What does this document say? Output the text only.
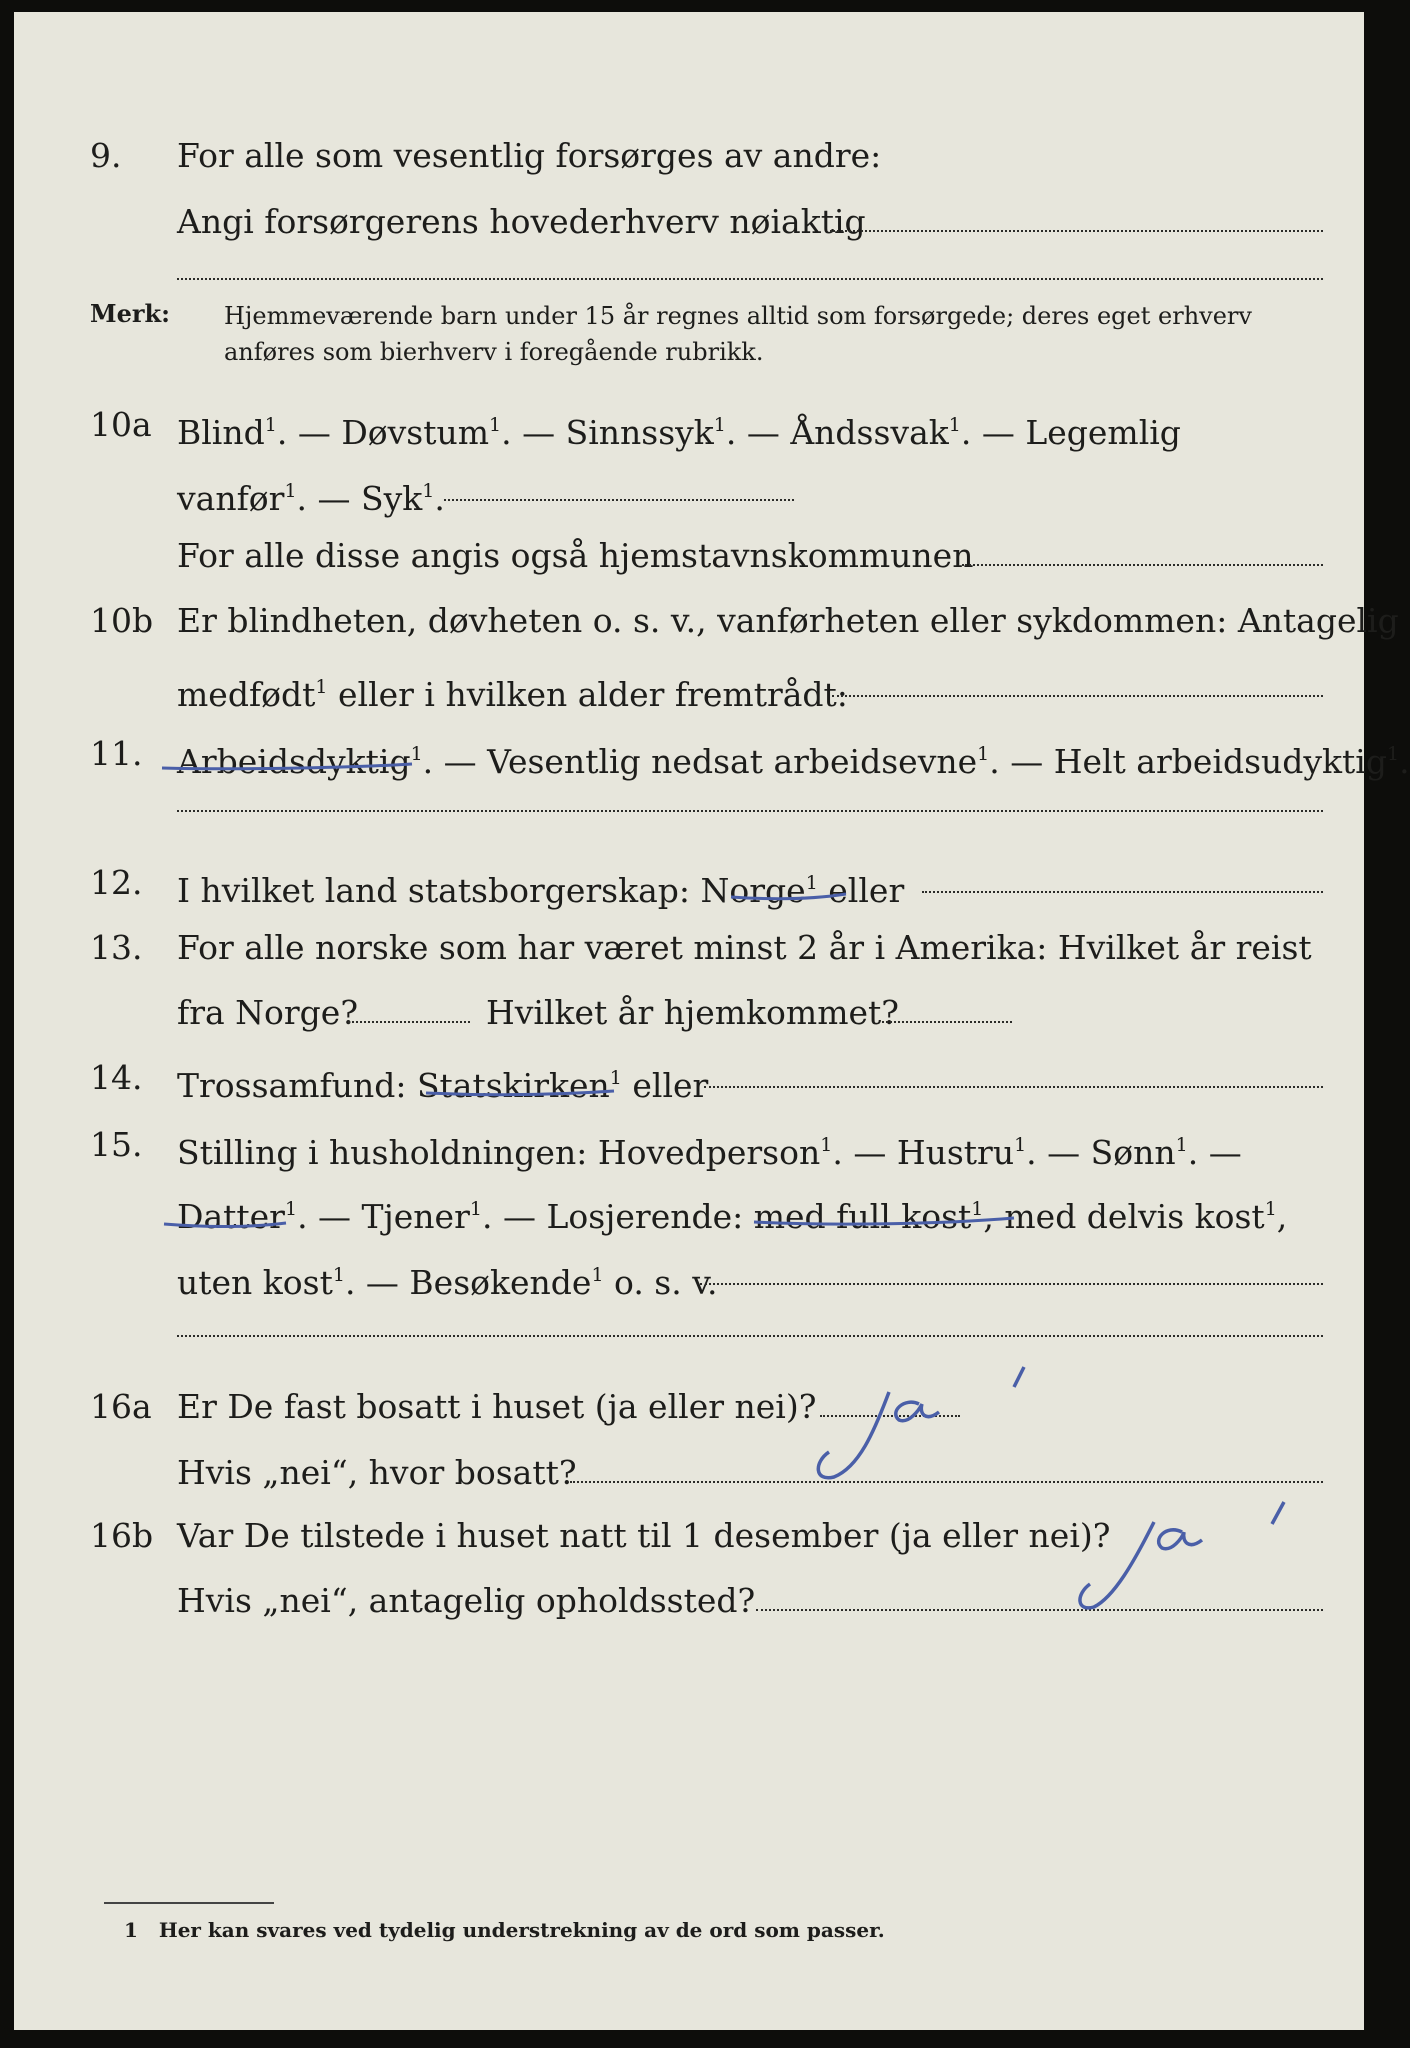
9. For alle som vesentlig forsørges av andre:
Angi forsørgerens hovederhverv nøiaktig
Merk: Hjemmeværende barn under 15 år regnes alltid som forsørgede; deres eget erhverv anføres som bierhverv i foregående rubrikk.
10a Blind$^1$. — Døvstum$^1$. — Sinnssyk$^1$. — Åndssvak$^1$. — Legemlig
vanfør$^1$. — Syk$^1$.
For alle disse angis også hjemstavnskommunen
10b Er blindheten, døvheten o. s. v., vanførheten eller sykdommen: Antagelig
medfødt$^1$ eller i hvilken alder fremtrådt:
11. Arbeidsdyktig$^1$. — Vesentlig nedsat arbeidsevne$^1$. — Helt arbeidsudyktig$^1$.
12. I hvilket land statsborgerskap: Norge$^1$ eller
13. For alle norske som har været minst 2 år i Amerika: Hvilket år reist
fra Norge?	Hvilket år hjemkommet?
14. Trossamfund: Statskirken$^1$ eller
15. Stilling i husholdningen: Hovedperson$^1$. — Hustru$^1$. — Sønn$^1$. —
Datter$^1$. — Tjener$^1$. — Losjerende: med full kost$^1$, med delvis kost$^1$,
uten kost$^1$. — Besøkende$^1$ o. s. v.
16a Er De fast bosatt i huset (ja eller nei)?
Hvis „nei“, hvor bosatt?
16b Var De tilstede i huset natt til 1 desember (ja eller nei)?
Hvis „nei“, antagelig opholdssted?
1 Her kan svares ved tydelig understrekning av de ord som passer.
